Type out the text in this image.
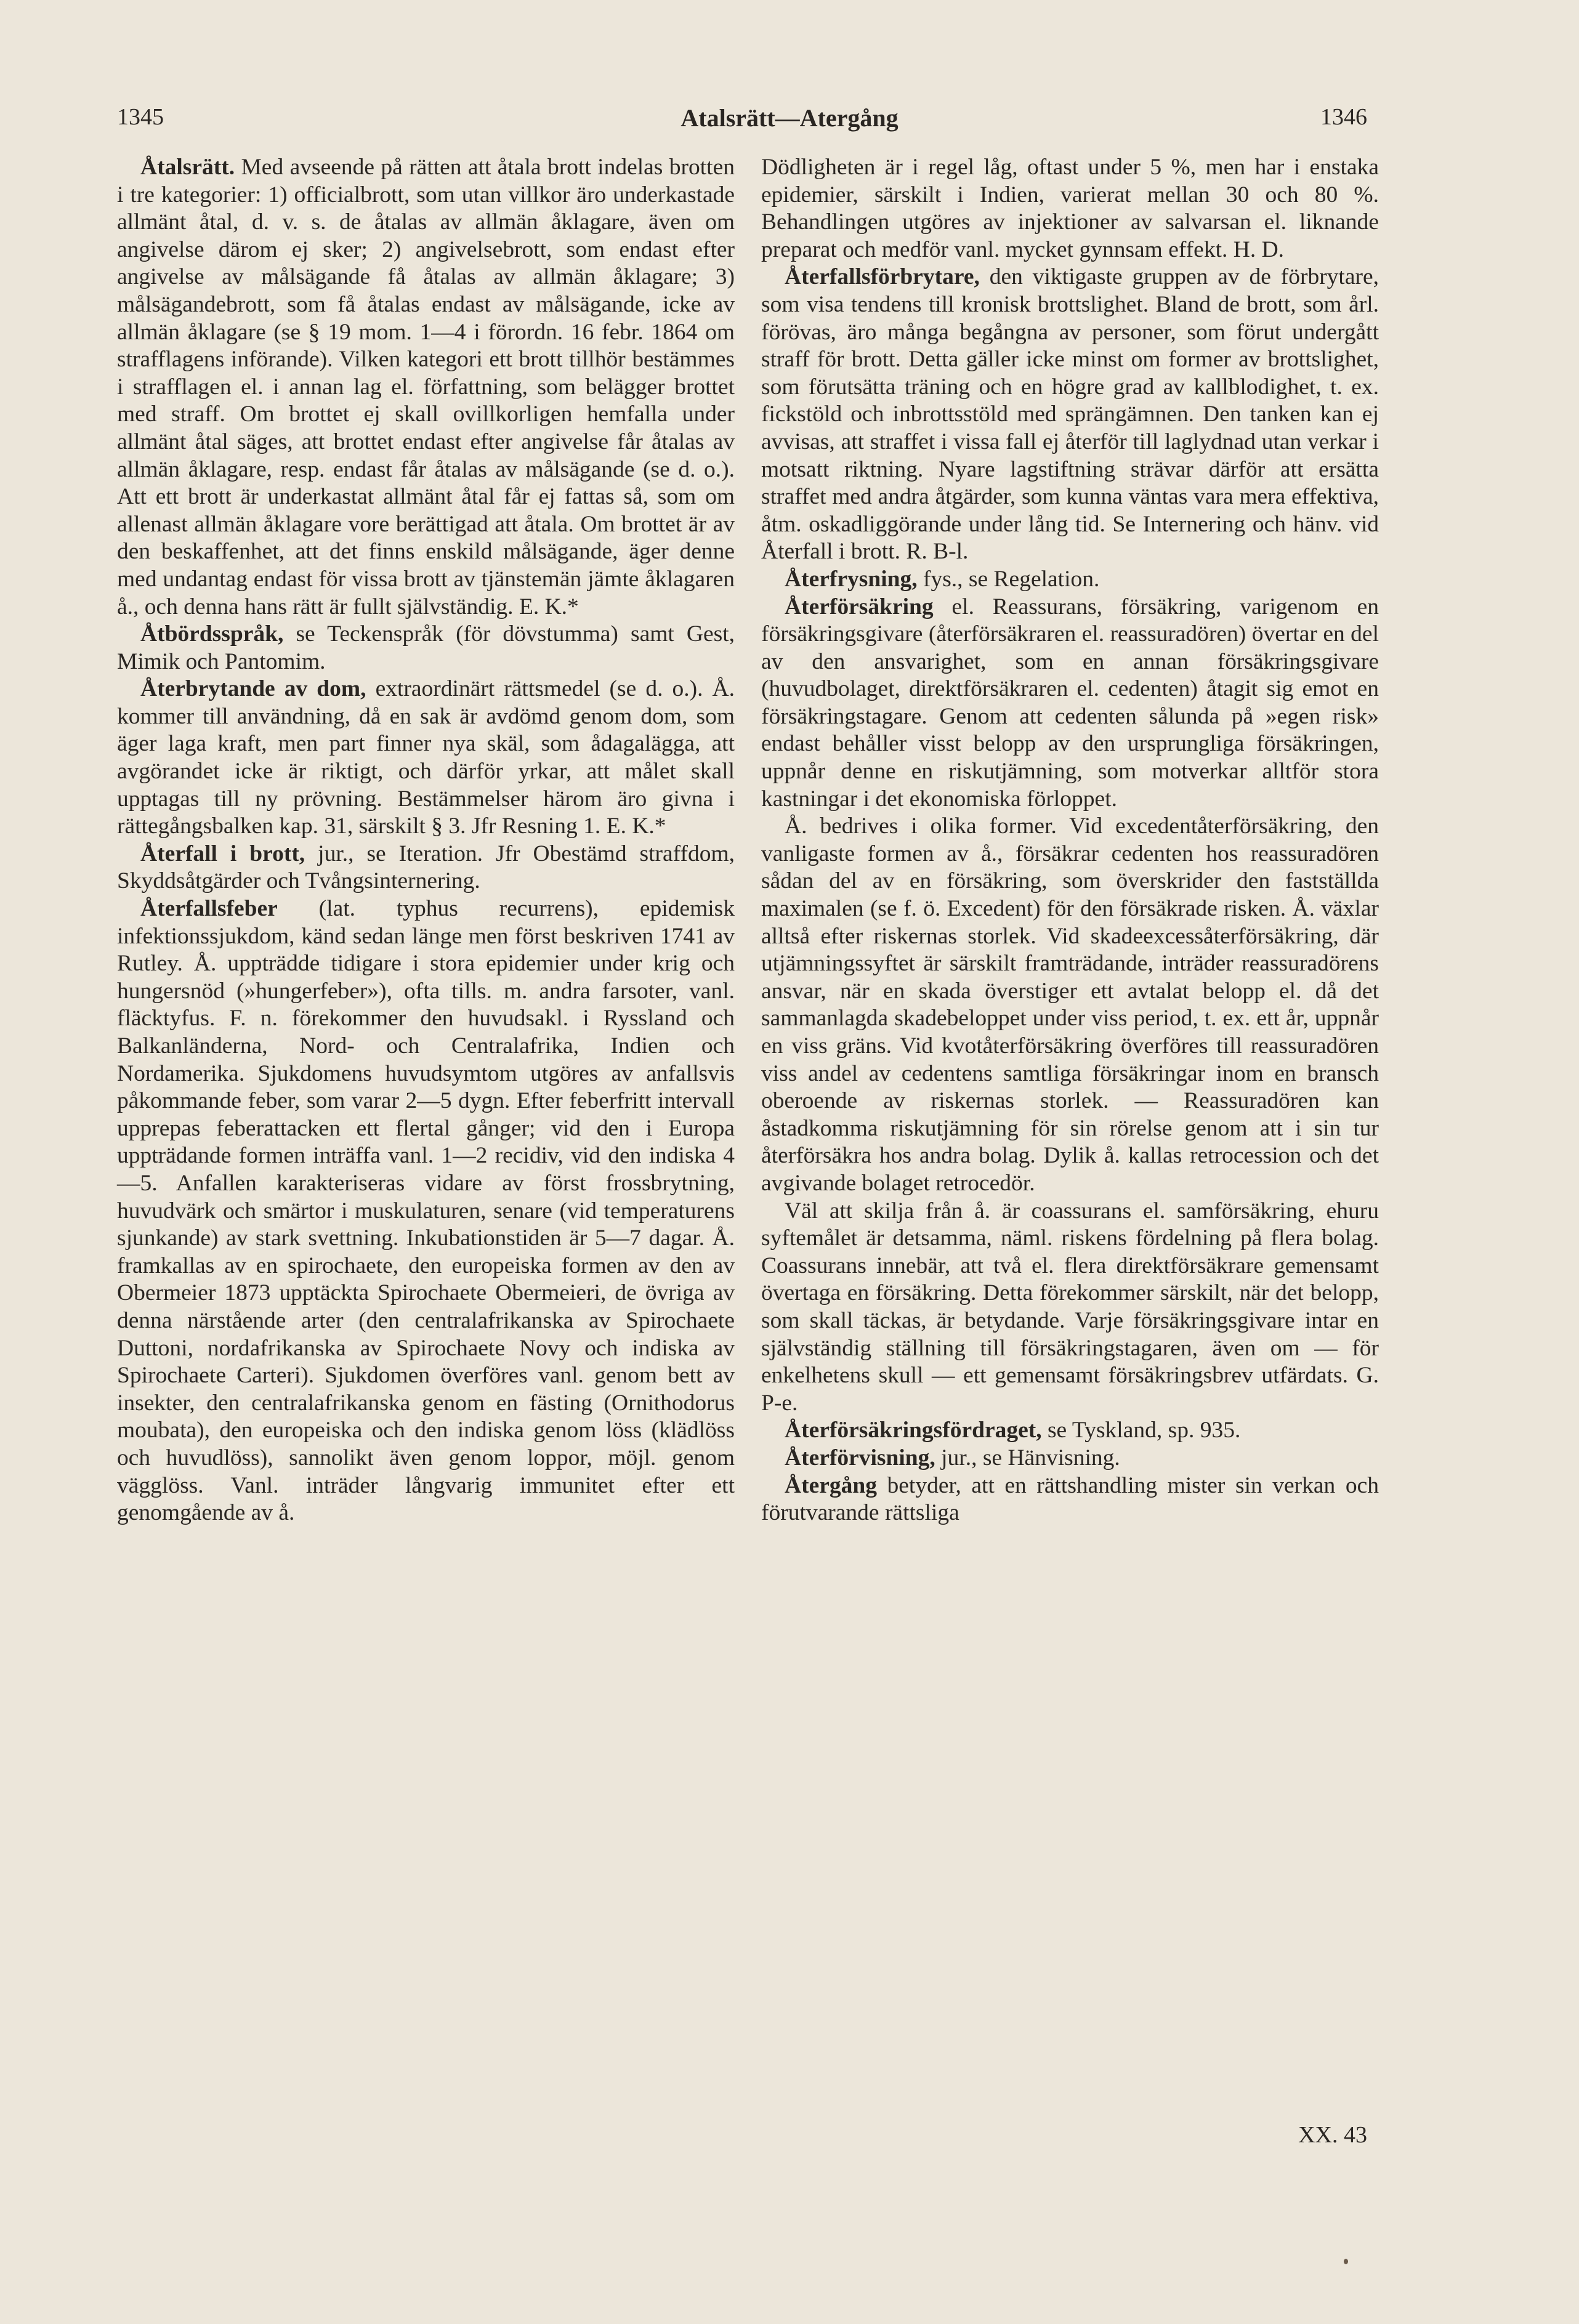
1345	Atalsrätt—Atergång	1346

Åtalsrätt. Med avseende på rätten att åtala brott indelas brotten i tre kategorier: 1) officialbrott, som utan villkor äro underkastade allmänt åtal, d. v. s. de åtalas av allmän åklagare, även om angivelse därom ej sker; 2) angivelsebrott, som endast efter angivelse av målsägande få åtalas av allmän åklagare; 3) målsägandebrott, som få åtalas endast av målsägande, icke av allmän åklagare (se § 19 mom. 1—4 i förordn. 16 febr. 1864 om strafflagens införande). Vilken kategori ett brott tillhör bestämmes i strafflagen el. i annan lag el. författning, som belägger brottet med straff. Om brottet ej skall ovillkorligen hemfalla under allmänt åtal säges, att brottet endast efter angivelse får åtalas av allmän åklagare, resp. endast får åtalas av målsägande (se d. o.). Att ett brott är underkastat allmänt åtal får ej fattas så, som om allenast allmän åklagare vore berättigad att åtala. Om brottet är av den beskaffenhet, att det finns enskild målsägande, äger denne med undantag endast för vissa brott av tjänstemän jämte åklagaren å., och denna hans rätt är fullt självständig. E. K.*

Åtbördsspråk, se Teckenspråk (för dövstumma) samt Gest, Mimik och Pantomim.

Återbrytande av dom, extraordinärt rättsmedel (se d. o.). Å. kommer till användning, då en sak är avdömd genom dom, som äger laga kraft, men part finner nya skäl, som ådagalägga, att avgörandet icke är riktigt, och därför yrkar, att målet skall upptagas till ny prövning. Bestämmelser härom äro givna i rättegångsbalken kap. 31, särskilt § 3. Jfr Resning 1. E. K.*

Återfall i brott, jur., se Iteration. Jfr Obestämd straffdom, Skyddsåtgärder och Tvångsinternering.

Återfallsfeber (lat. typhus recurrens), epidemisk infektionssjukdom, känd sedan länge men först beskriven 1741 av Rutley. Å. uppträdde tidigare i stora epidemier under krig och hungersnöd (»hungerfeber»), ofta tills. m. andra farsoter, vanl. fläcktyfus. F. n. förekommer den huvudsakl. i Ryssland och Balkanländerna, Nord- och Centralafrika, Indien och Nordamerika. Sjukdomens huvudsymtom utgöres av anfallsvis påkommande feber, som varar 2—5 dygn. Efter feberfritt intervall upprepas feberattacken ett flertal gånger; vid den i Europa uppträdande formen inträffa vanl. 1—2 recidiv, vid den indiska 4—5. Anfallen karakteriseras vidare av först frossbrytning, huvudvärk och smärtor i muskulaturen, senare (vid temperaturens sjunkande) av stark svettning. Inkubationstiden är 5—7 dagar. Å. framkallas av en spirochaete, den europeiska formen av den av Obermeier 1873 upptäckta Spirochaete Obermeieri, de övriga av denna närstående arter (den centralafrikanska av Spirochaete Duttoni, nordafrikanska av Spirochaete Novy och indiska av Spirochaete Carteri). Sjukdomen överföres vanl. genom bett av insekter, den centralafrikanska genom en fästing (Ornithodorus moubata), den europeiska och den indiska genom löss (klädlöss och huvudlöss), sannolikt även genom loppor, möjl. genom vägglöss. Vanl. inträder långvarig immunitet efter ett genomgående av å.

Dödligheten är i regel låg, oftast under 5 %, men har i enstaka epidemier, särskilt i Indien, varierat mellan 30 och 80 %. Behandlingen utgöres av injektioner av salvarsan el. liknande preparat och medför vanl. mycket gynnsam effekt. H. D.

Återfallsförbrytare, den viktigaste gruppen av de förbrytare, som visa tendens till kronisk brottslighet. Bland de brott, som årl. förövas, äro många begångna av personer, som förut undergått straff för brott. Detta gäller icke minst om former av brottslighet, som förutsätta träning och en högre grad av kallblodighet, t. ex. fickstöld och inbrottsstöld med sprängämnen. Den tanken kan ej avvisas, att straffet i vissa fall ej återför till laglydnad utan verkar i motsatt riktning. Nyare lagstiftning strävar därför att ersätta straffet med andra åtgärder, som kunna väntas vara mera effektiva, åtm. oskadliggörande under lång tid. Se Internering och hänv. vid Återfall i brott. R. B-l.

Återfrysning, fys., se Regelation.

Återförsäkring el. Reassurans, försäkring, varigenom en försäkringsgivare (återförsäkraren el. reassuradören) övertar en del av den ansvarighet, som en annan försäkringsgivare (huvudbolaget, direktförsäkraren el. cedenten) åtagit sig emot en försäkringstagare. Genom att cedenten sålunda på »egen risk» endast behåller visst belopp av den ursprungliga försäkringen, uppnår denne en riskutjämning, som motverkar alltför stora kastningar i det ekonomiska förloppet.

Å. bedrives i olika former. Vid excedentåterförsäkring, den vanligaste formen av å., försäkrar cedenten hos reassuradören sådan del av en försäkring, som överskrider den fastställda maximalen (se f. ö. Excedent) för den försäkrade risken. Å. växlar alltså efter riskernas storlek. Vid skadeexcessåterförsäkring, där utjämningssyftet är särskilt framträdande, inträder reassuradörens ansvar, när en skada överstiger ett avtalat belopp el. då det sammanlagda skadebeloppet under viss period, t. ex. ett år, uppnår en viss gräns. Vid kvotåterförsäkring överföres till reassuradören viss andel av cedentens samtliga försäkringar inom en bransch oberoende av riskernas storlek. — Reassuradören kan åstadkomma riskutjämning för sin rörelse genom att i sin tur återförsäkra hos andra bolag. Dylik å. kallas retrocession och det avgivande bolaget retrocedör.

Väl att skilja från å. är coassurans el. samförsäkring, ehuru syftemålet är detsamma, näml. riskens fördelning på flera bolag. Coassurans innebär, att två el. flera direktförsäkrare gemensamt övertaga en försäkring. Detta förekommer särskilt, när det belopp, som skall täckas, är betydande. Varje försäkringsgivare intar en självständig ställning till försäkringstagaren, även om — för enkelhetens skull — ett gemensamt försäkringsbrev utfärdats. G. P-e.

Återförsäkringsfördraget, se Tyskland, sp. 935.

Återförvisning, jur., se Hänvisning.

Återgång betyder, att en rättshandling mister sin verkan och förutvarande rättsliga

XX. 43
